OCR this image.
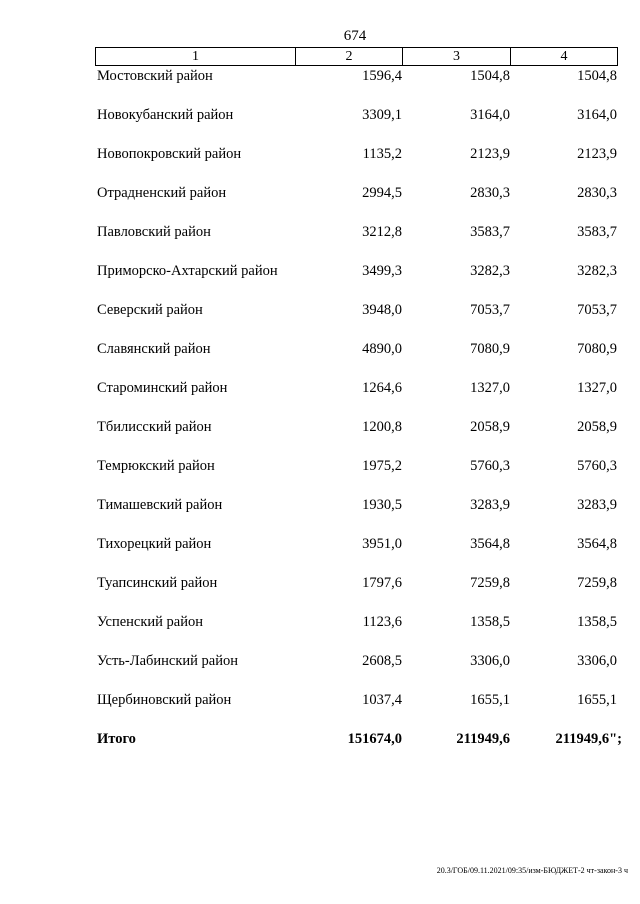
674
1	2	3	4
Мостовский район	1596,4	1504,8	1504,8
Новокубанский район	3309,1	3164,0	3164,0
Новопокровский район	1135,2	2123,9	2123,9
Отрадненский район	2994,5	2830,3	2830,3
Павловский район	3212,8	3583,7	3583,7
Приморско-Ахтарский район	3499,3	3282,3	3282,3
Северский район	3948,0	7053,7	7053,7
Славянский район	4890,0	7080,9	7080,9
Староминский район	1264,6	1327,0	1327,0
Тбилисский район	1200,8	2058,9	2058,9
Темрюкский район	1975,2	5760,3	5760,3
Тимашевский район	1930,5	3283,9	3283,9
Тихорецкий район	3951,0	3564,8	3564,8
Туапсинский район	1797,6	7259,8	7259,8
Успенский район	1123,6	1358,5	1358,5
Усть-Лабинский район	2608,5	3306,0	3306,0
Щербиновский район	1037,4	1655,1	1655,1
Итого	151674,0	211949,6	211949,6";
20.3/ГОБ/09.11.2021/09:35/изм-БЮДЖЕТ-2 чт-закон-3 ч
